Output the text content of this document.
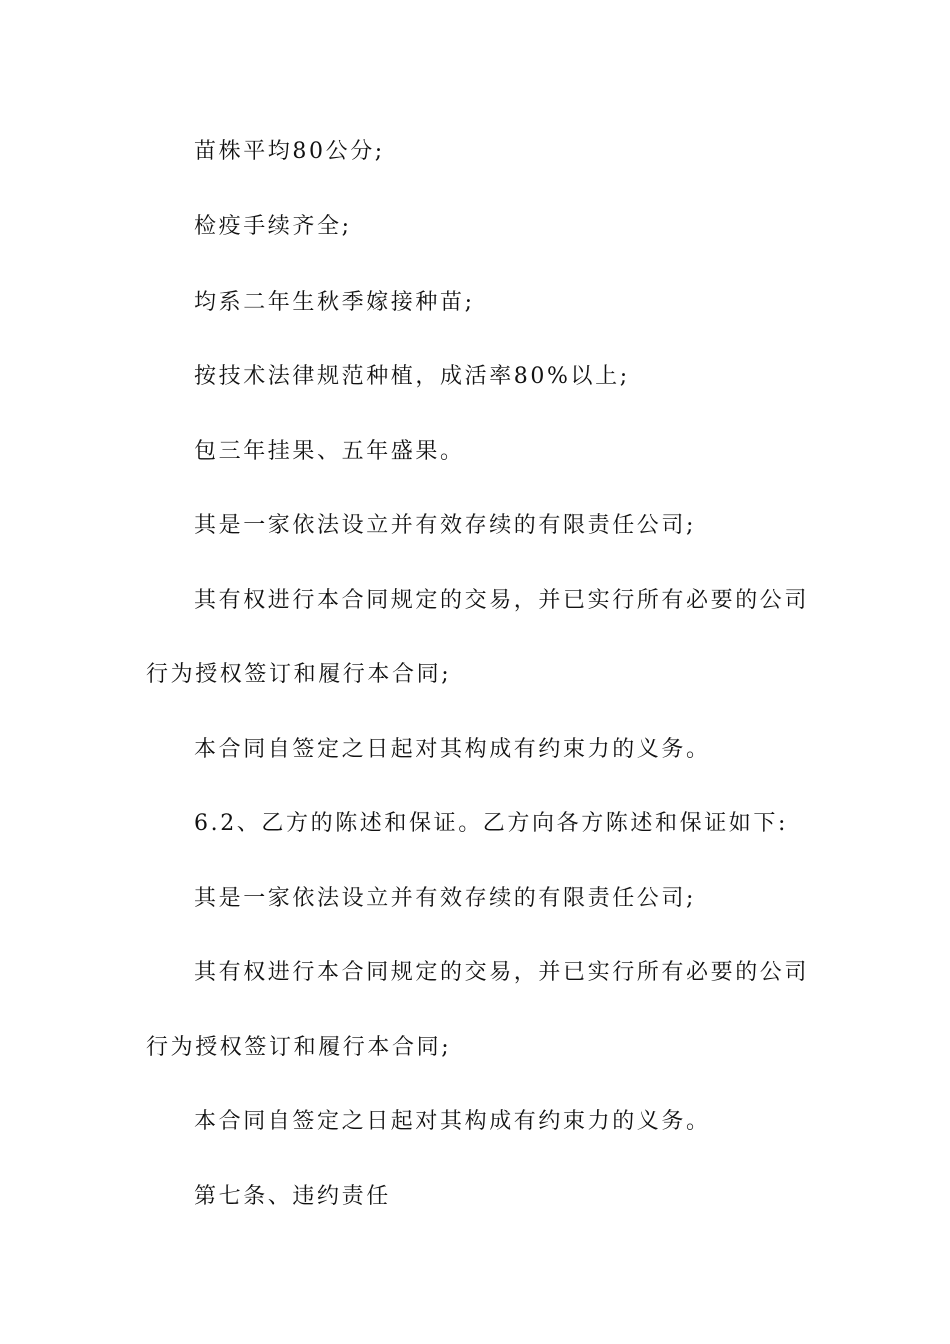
苗株平均80公分;

检疫手续齐全;

均系二年生秋季嫁接种苗;

按技术法律规范种植，成活率80%以上;

包三年挂果、五年盛果。

其是一家依法设立并有效存续的有限责任公司;

其有权进行本合同规定的交易，并已实行所有必要的公司

行为授权签订和履行本合同;

本合同自签定之日起对其构成有约束力的义务。

6.2、乙方的陈述和保证。乙方向各方陈述和保证如下:

其是一家依法设立并有效存续的有限责任公司;

其有权进行本合同规定的交易，并已实行所有必要的公司

行为授权签订和履行本合同;

本合同自签定之日起对其构成有约束力的义务。

第七条、违约责任
